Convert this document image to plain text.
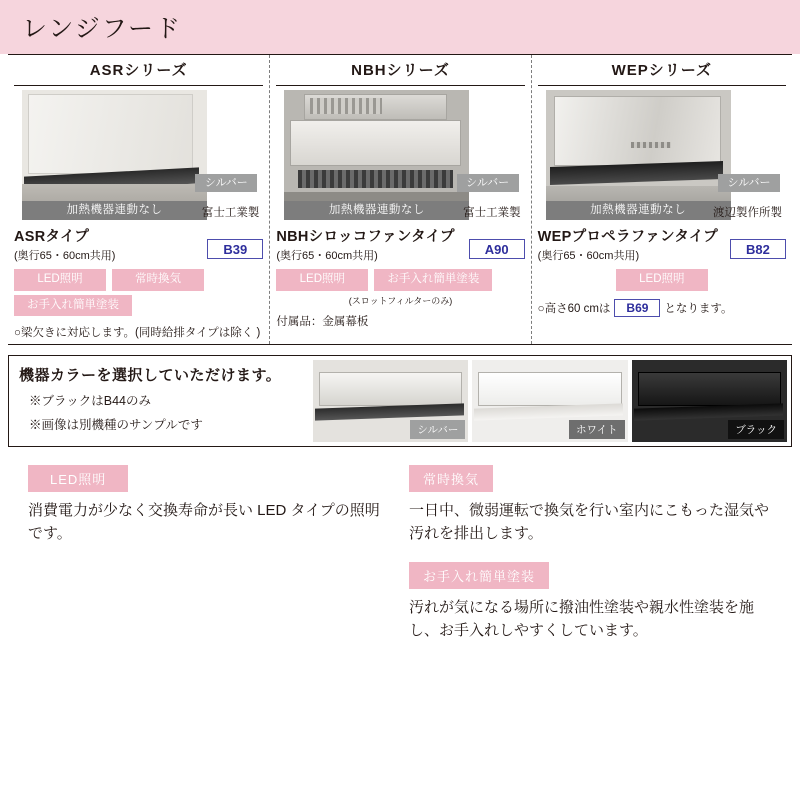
レンジフード
ASRシリーズ
シルバー
加熱機器連動なし	富士工業製
ASRタイプ
(奥行65・60cm共用)	B39
LED照明	常時換気
お手入れ簡単塗装
○梁欠きに対応します。(同時給排タイプは除く )
NBHシリーズ
シルバー
加熱機器連動なし	富士工業製
NBHシロッコファンタイプ
(奥行65・60cm共用)	A90
LED照明	お手入れ簡単塗装
(スロットフィルターのみ)
付属品：金属幕板
WEPシリーズ
シルバー
加熱機器連動なし	渡辺製作所製
WEPプロペラファンタイプ
(奥行65・60cm共用)	B82
LED照明
○高さ60 cmは	B69	となります。
機器カラーを選択していただけます。
※ブラックはB44のみ
※画像は別機種のサンプルです	シルバー	ホワイト	ブラック
LED照明
消費電力が少なく交換寿命が長い LED タイプの照明です。
常時換気
一日中、微弱運転で換気を行い室内にこもった湿気や汚れを排出します。
お手入れ簡単塗装
汚れが気になる場所に撥油性塗装や親水性塗装を施し、お手入れしやすくしています。
